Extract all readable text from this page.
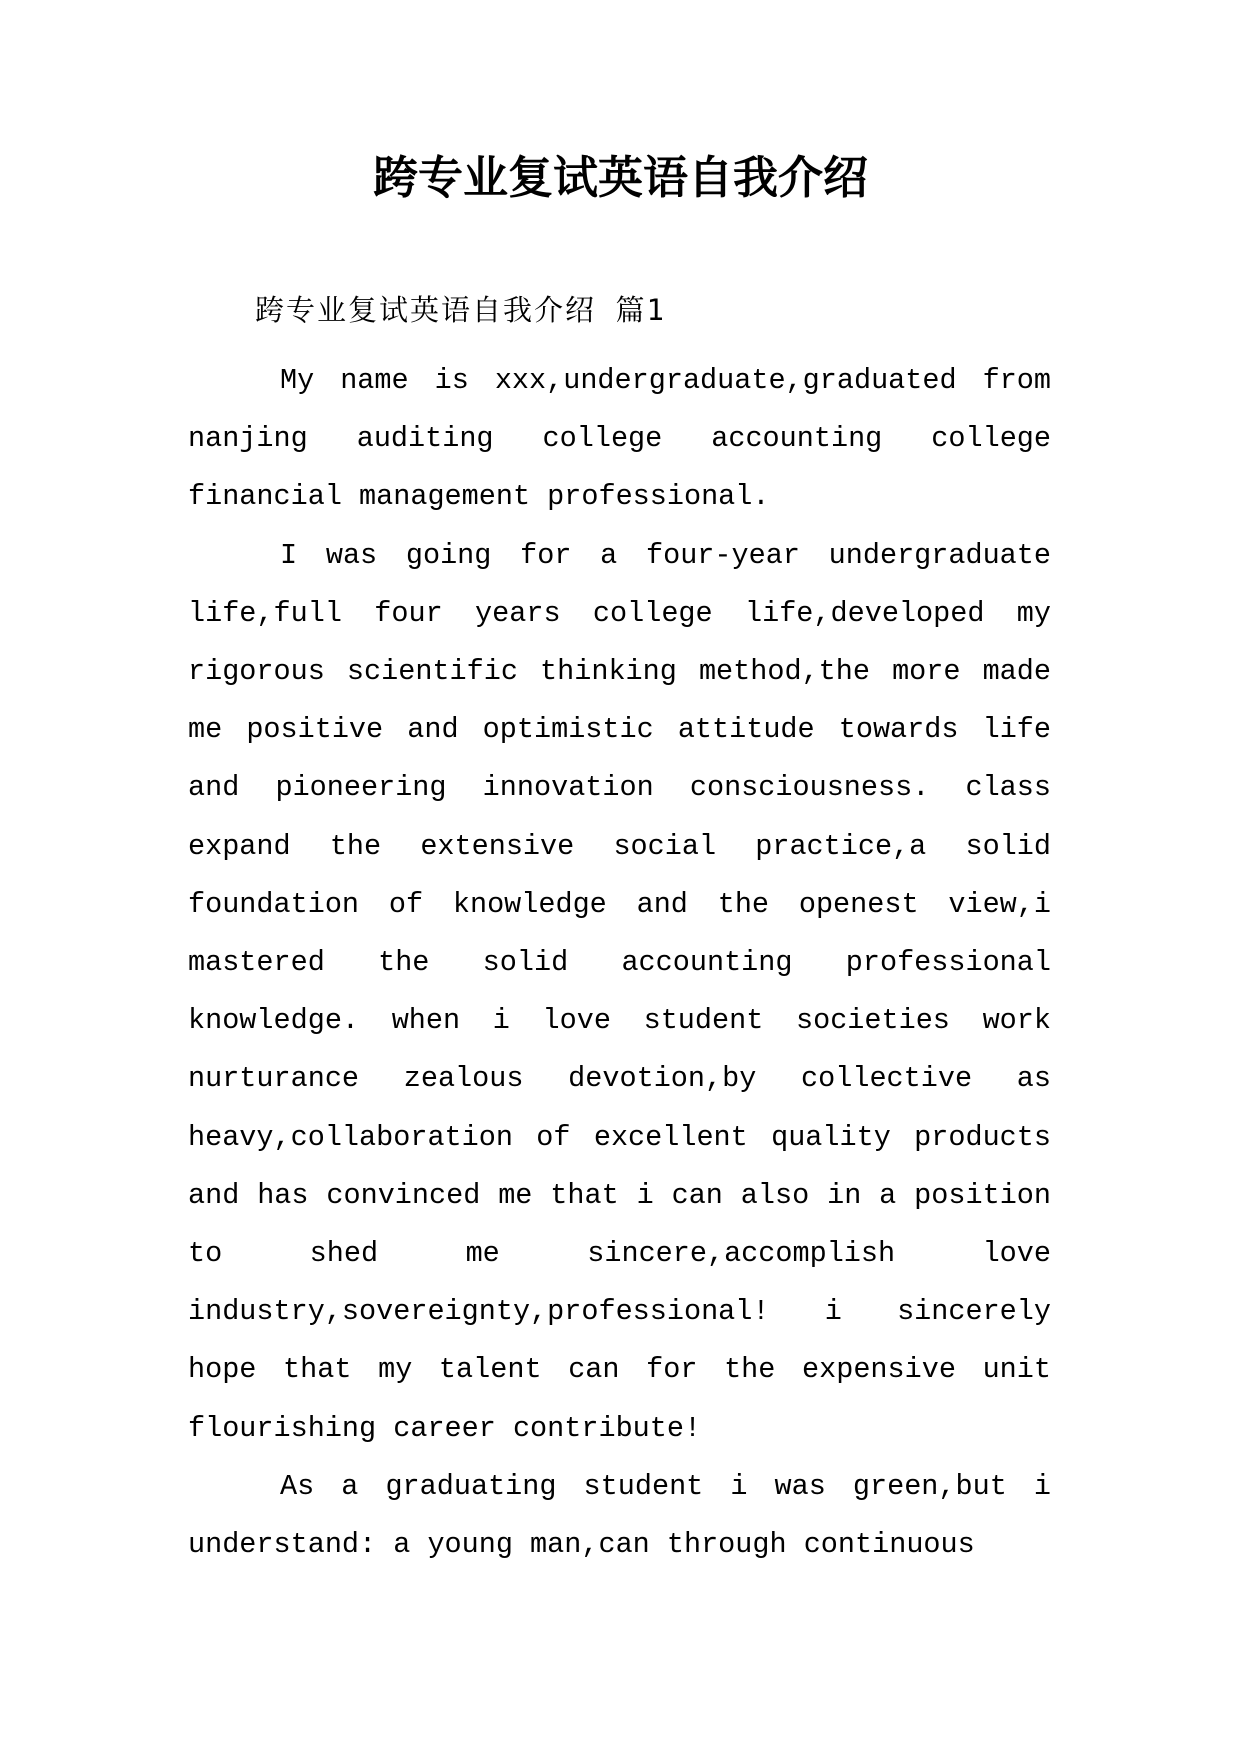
跨专业复试英语自我介绍
跨专业复试英语自我介绍 篇1

My name is xxx,undergraduate,graduated from nanjing auditing college accounting college financial management professional.

I was going for a four-year undergraduate life,full four years college life,developed my rigorous scientific thinking method,the more made me positive and optimistic attitude towards life and pioneering innovation consciousness. class expand the extensive social practice,a solid foundation of knowledge and the openest view,i mastered the solid accounting professional knowledge. when i love student societies work nurturance zealous devotion,by collective as heavy,collaboration of excellent quality products and has convinced me that i can also in a position to shed me sincere,accomplish love industry,sovereignty,professional! i sincerely hope that my talent can for the expensive unit flourishing career contribute!

As a graduating student i was green,but i understand: a young man,can through continuous
